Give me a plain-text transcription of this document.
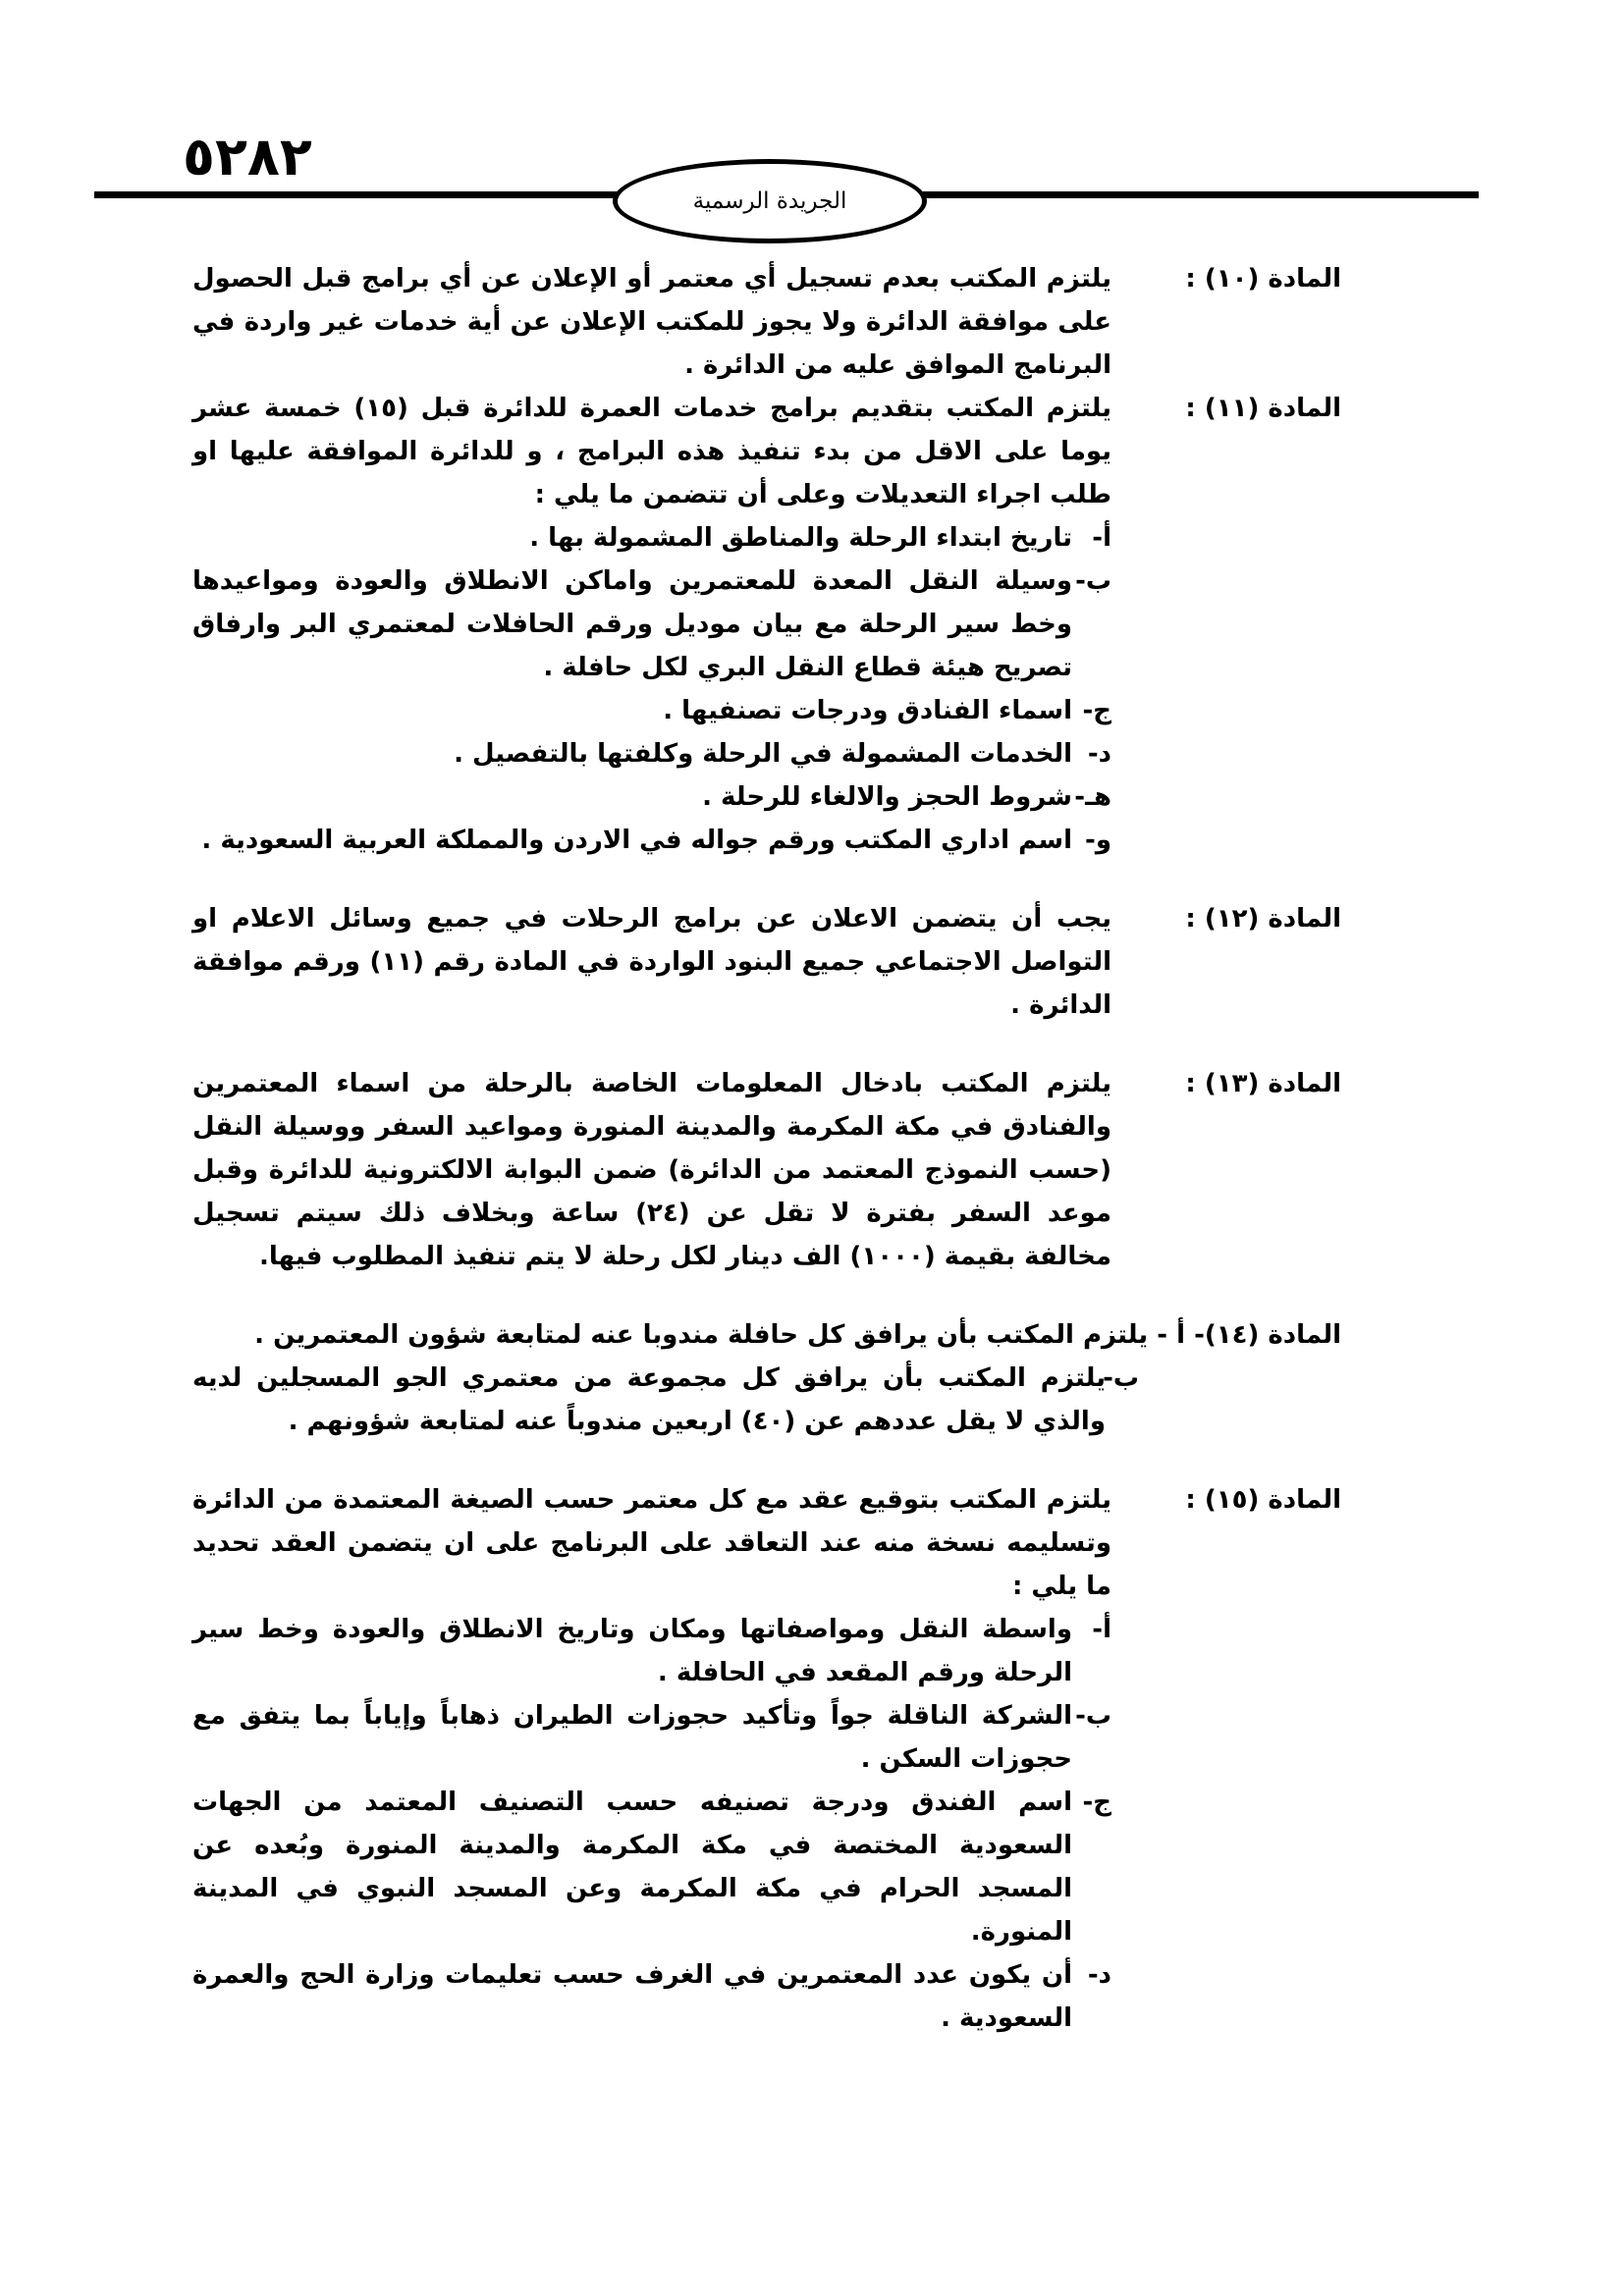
٥٢٨٢
الجريدة الرسمية
المادة (١٠) :
يلتزم المكتب بعدم تسجيل أي معتمر أو الإعلان عن أي برامج قبل الحصول على موافقة الدائرة ولا يجوز للمكتب الإعلان عن أية خدمات غير واردة في البرنامج الموافق عليه من الدائرة .
المادة (١١) :
يلتزم المكتب بتقديم برامج خدمات العمرة للدائرة قبل (١٥) خمسة عشر يوما على الاقل من بدء تنفيذ هذه البرامج ، و للدائرة الموافقة عليها او طلب اجراء التعديلات وعلى أن تتضمن ما يلي :
أ-
تاريخ ابتداء الرحلة والمناطق المشمولة بها .
ب-
وسيلة النقل المعدة للمعتمرين واماكن الانطلاق والعودة ومواعيدها وخط سير الرحلة مع بيان موديل ورقم الحافلات لمعتمري البر وارفاق تصريح هيئة قطاع النقل البري لكل حافلة .
ج-
اسماء الفنادق ودرجات تصنفيها .
د-
الخدمات المشمولة في الرحلة وكلفتها بالتفصيل .
هـ-
شروط الحجز والالغاء للرحلة .
و-
اسم اداري المكتب ورقم جواله في الاردن والمملكة العربية السعودية .
المادة (١٢) :
يجب أن يتضمن الاعلان عن برامج الرحلات في جميع وسائل الاعلام او التواصل الاجتماعي جميع البنود الواردة في المادة رقم (١١) ورقم موافقة الدائرة .
المادة (١٣) :
يلتزم المكتب بادخال المعلومات الخاصة بالرحلة من اسماء المعتمرين والفنادق في مكة المكرمة والمدينة المنورة ومواعيد السفر ووسيلة النقل (حسب النموذج المعتمد من الدائرة) ضمن البوابة الالكترونية للدائرة وقبل موعد السفر بفترة لا تقل عن (٢٤) ساعة وبخلاف ذلك سيتم تسجيل مخالفة بقيمة (١٠٠٠) الف دينار لكل رحلة لا يتم تنفيذ المطلوب فيها.
المادة (١٤)- أ - يلتزم المكتب بأن يرافق كل حافلة مندوبا عنه لمتابعة شؤون المعتمرين .
ب-
يلتزم المكتب بأن يرافق كل مجموعة من معتمري الجو المسجلين لديه والذي لا يقل عددهم عن (٤٠) اربعين مندوباً عنه لمتابعة شؤونهم .
المادة (١٥) :
يلتزم المكتب بتوقيع عقد مع كل معتمر حسب الصيغة المعتمدة من الدائرة وتسليمه نسخة منه عند التعاقد على البرنامج على ان يتضمن العقد تحديد ما يلي :
أ-
واسطة النقل ومواصفاتها ومكان وتاريخ الانطلاق والعودة وخط سير الرحلة ورقم المقعد في الحافلة .
ب-
الشركة الناقلة جواً وتأكيد حجوزات الطيران ذهاباً وإياباً بما يتفق مع حجوزات السكن .
ج-
اسم الفندق ودرجة تصنيفه حسب التصنيف المعتمد من الجهات السعودية المختصة في مكة المكرمة والمدينة المنورة وبُعده عن المسجد الحرام في مكة المكرمة وعن المسجد النبوي في المدينة المنورة.
د-
أن يكون عدد المعتمرين في الغرف حسب تعليمات وزارة الحج والعمرة السعودية .
